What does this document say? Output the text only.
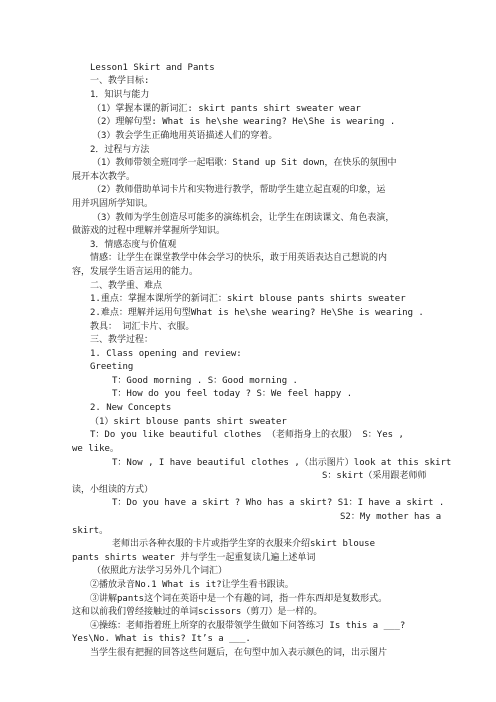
Lesson1 Skirt and Pants
一、教学目标:
1．知识与能力
（1）掌握本课的新词汇: skirt pants shirt sweater wear
（2）理解句型: What is he\she wearing? He\She is wearing .
（3）教会学生正确地用英语描述人们的穿着。
2．过程与方法
（1）教师带领全班同学一起唱歌：Stand up Sit down，在快乐的氛围中
展开本次教学。
（2）教师借助单词卡片和实物进行教学，帮助学生建立起直观的印象，运
用并巩固所学知识。
（3）教师为学生创造尽可能多的演练机会，让学生在朗读课文、角色表演，
做游戏的过程中理解并掌握所学知识。
3．情感态度与价值观
情感：让学生在课堂教学中体会学习的快乐，敢于用英语表达自己想说的内
容，发展学生语言运用的能力。
二、教学重、难点
1.重点：掌握本课所学的新词汇：skirt blouse pants shirts sweater
2.难点：理解并运用句型What is he\she wearing? He\She is wearing .
教具： 词汇卡片、衣服。
三、教学过程：
1. Class opening and review:
Greeting
T：Good morning . S：Good morning .
T：How do you feel today ? S：We feel happy .
2. New Concepts
（1）skirt blouse pants shirt sweater
T：Do you like beautiful clothes （老师指身上的衣服） S：Yes ,
we like。
T：Now , I have beautiful clothes ,（出示图片）look at this skirt
S：skirt（采用跟老师师
读，小组读的方式）
T：Do you have a skirt ? Who has a skirt? S1：I have a skirt .
S2：My mother has a
skirt。
老师出示各种衣服的卡片或指学生穿的衣服来介绍skirt blouse
pants shirts weater 并与学生一起重复读几遍上述单词
（依照此方法学习另外几个词汇）
②播放录音No.1 What is it?让学生看书跟读。
③讲解pants这个词在英语中是一个有趣的词，指一件东西却是复数形式。
这和以前我们曾经接触过的单词scissors（剪刀）是一样的。
④操练：老师指着班上所穿的衣服带领学生做如下问答练习 Is this a ___?
Yes\No. What is this? It’s a ___.
当学生很有把握的回答这些问题后，在句型中加入表示颜色的词，出示图片
